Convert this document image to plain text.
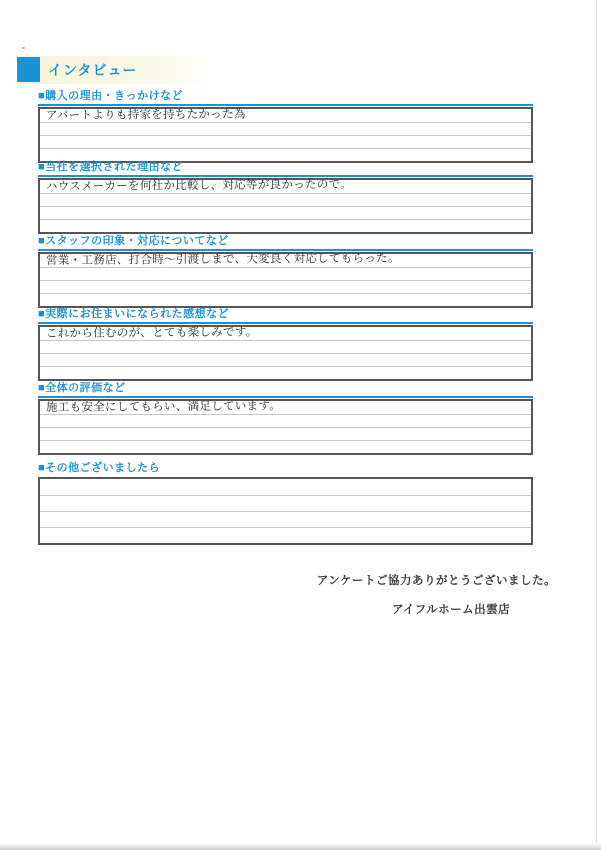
インタビュー
■購入の理由・きっかけなど
アパートよりも持家を持ちたかった為
■当社を選択された理由など
ハウスメーカーを何社か比較し、対応等が良かったので。
■スタッフの印象・対応についてなど
営業・工務店、打合時～引渡しまで、大変良く対応してもらった。
■実際にお住まいになられた感想など
これから住むのが、とても楽しみです。
■全体の評価など
施工も安全にしてもらい、満足しています。
■その他ございましたら
アンケートご協力ありがとうございました。
アイフルホーム出雲店
